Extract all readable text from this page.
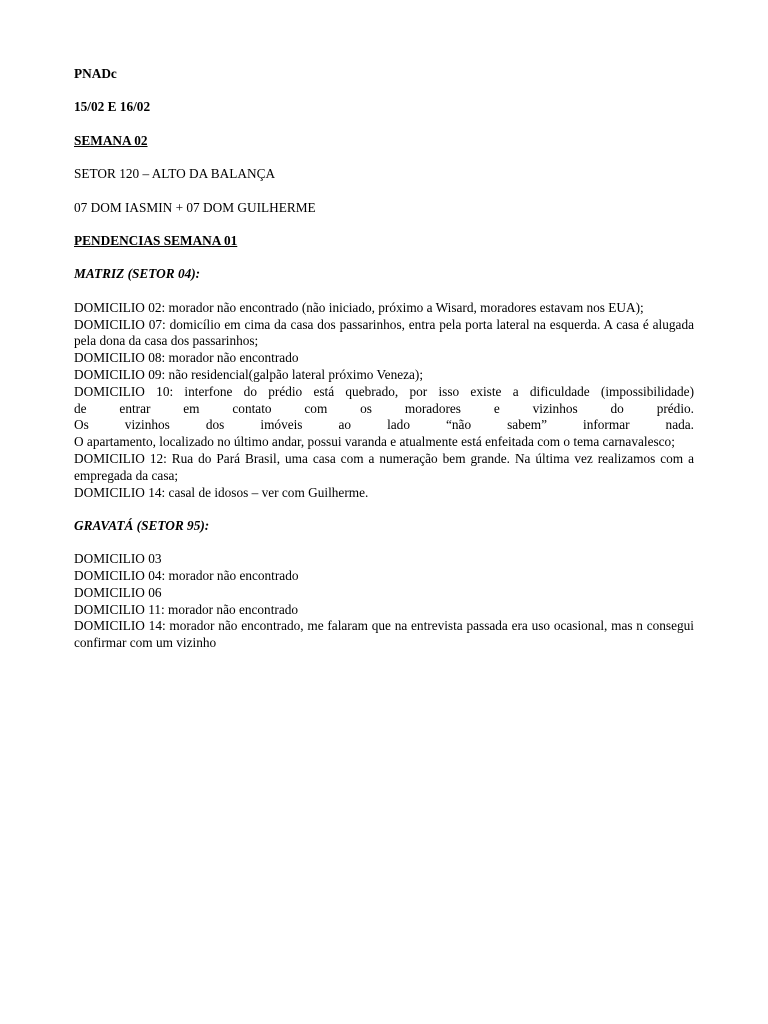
PNADc

15/02 E 16/02

SEMANA 02

SETOR 120 – ALTO DA BALANÇA

07 DOM IASMIN + 07 DOM GUILHERME

PENDENCIAS SEMANA 01

MATRIZ (SETOR 04):

DOMICILIO 02: morador não encontrado (não iniciado, próximo a Wisard, moradores estavam nos EUA);

DOMICILIO 07: domicílio em cima da casa dos passarinhos, entra pela porta lateral na esquerda. A casa é alugada pela dona da casa dos passarinhos;

DOMICILIO 08: morador não encontrado

DOMICILIO 09: não residencial(galpão lateral próximo Veneza);

DOMICILIO 10: interfone do prédio está quebrado, por isso existe a dificuldade (impossibilidade)

de entrar em contato com os moradores e vizinhos do prédio.

Os vizinhos dos imóveis ao lado “não sabem” informar nada.

O apartamento, localizado no último andar, possui varanda e atualmente está enfeitada com o tema carnavalesco;

DOMICILIO 12: Rua do Pará Brasil, uma casa com a numeração bem grande. Na última vez realizamos com a empregada da casa;

DOMICILIO 14: casal de idosos – ver com Guilherme.

GRAVATÁ (SETOR 95):

DOMICILIO 03

DOMICILIO 04: morador não encontrado

DOMICILIO 06

DOMICILIO 11: morador não encontrado

DOMICILIO 14: morador não encontrado, me falaram que na entrevista passada era uso ocasional, mas n consegui confirmar com um vizinho
